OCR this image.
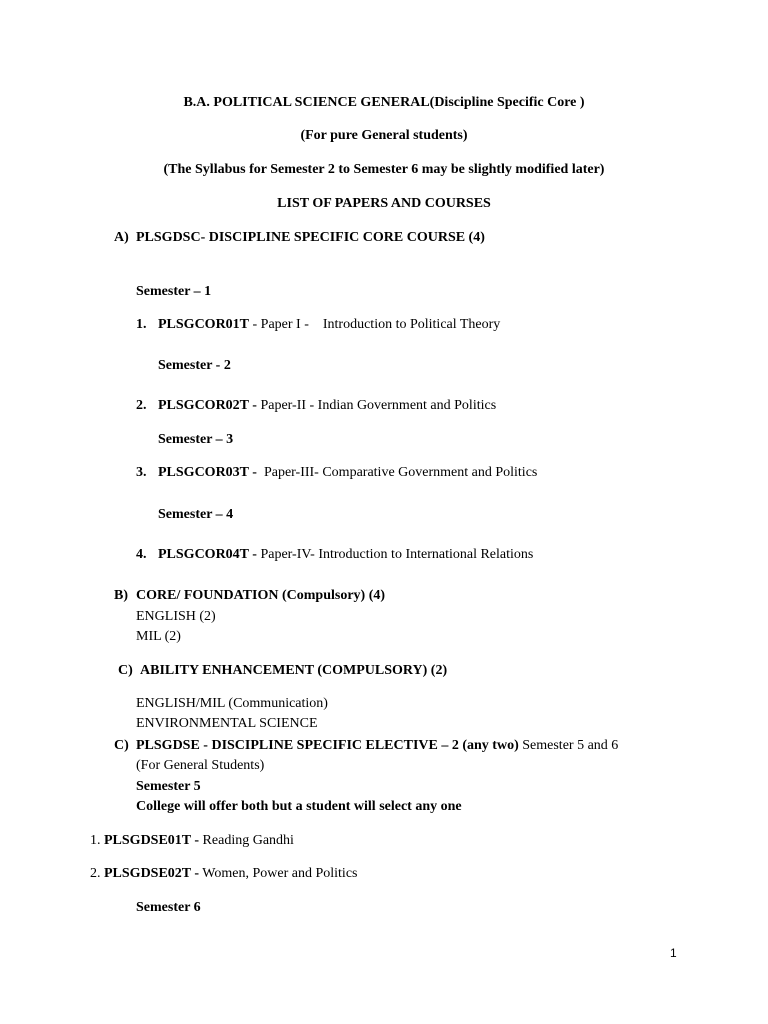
B.A. POLITICAL SCIENCE GENERAL(Discipline Specific Core )
(For pure General students)
(The Syllabus for Semester 2 to Semester 6 may be slightly modified later)
LIST OF PAPERS AND COURSES
A) PLSGDSC- DISCIPLINE SPECIFIC CORE COURSE (4)
Semester – 1
1. PLSGCOR01T - Paper I -    Introduction to Political Theory
Semester - 2
2. PLSGCOR02T - Paper-II - Indian Government and Politics
Semester – 3
3. PLSGCOR03T -  Paper-III- Comparative Government and Politics
Semester – 4
4. PLSGCOR04T - Paper-IV- Introduction to International Relations
B) CORE/ FOUNDATION (Compulsory) (4)
ENGLISH (2)
MIL (2)
C) ABILITY ENHANCEMENT (COMPULSORY) (2)
ENGLISH/MIL (Communication)
ENVIRONMENTAL SCIENCE
C) PLSGDSE - DISCIPLINE SPECIFIC ELECTIVE – 2 (any two) Semester 5 and 6
(For General Students)
Semester 5
College will offer both but a student will select any one
1. PLSGDSE01T - Reading Gandhi
2. PLSGDSE02T - Women, Power and Politics
Semester 6
1
